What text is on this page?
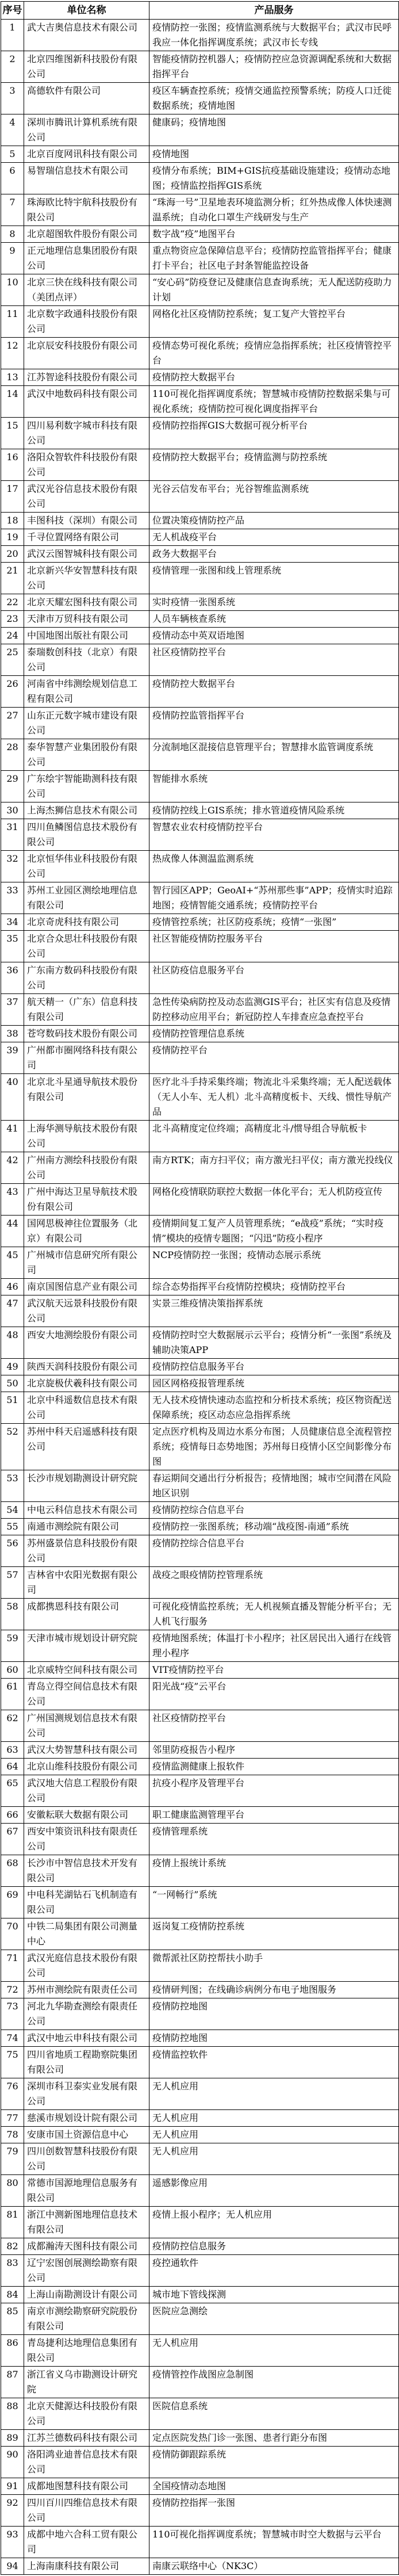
序号	单位名称	产品服务
1	武大吉奥信息技术有限公司	疫情防控一张图；疫情监测系统与大数据平台；武汉市民呼我应一体化指挥调度系统；武汉市长专线
2	北京四维图新科技股份有限公司	智能疫情防控机器人；疫情防控应急资源调配系统和大数据指挥平台
3	高德软件有限公司	疫区车辆查控系统；疫情交通监控预警系统；防疫人口迁徙数据系统；疫情地图
4	深圳市腾讯计算机系统有限公司	健康码；疫情地图
5	北京百度网讯科技有限公司	疫情地图
6	易智瑞信息技术有限公司	疫情分布系统；BIM+GIS抗疫基础设施建设；疫情动态地图；疫情监控指挥GIS系统
7	珠海欧比特宇航科技股份有限公司	“珠海一号”卫星地表环境监测分析；红外热成像人体快速测温系统；自动化口罩生产线研发与生产
8	北京超图软件股份有限公司	数字战“疫”地图平台
9	正元地理信息集团股份有限公司	重点物资应急保障信息平台；疫情防控监管指挥平台；健康打卡平台；社区电子封条智能监控设备
10	北京三快在线科技有限公司（美团点评）	“安心码”防疫登记及健康信息查询系统；无人配送防疫助力计划
11	北京数字政通科技股份有限公司	网格化社区疫情防控系统；复工复产大管控平台
12	北京辰安科技股份有限公司	疫情态势可视化系统；疫情应急指挥系统；社区疫情管控平台
13	江苏智途科技股份有限公司	疫情防控大数据平台
14	武汉中地数码科技有限公司	110可视化指挥调度系统；智慧城市疫情防控数据采集与可视化系统；疫情防控可视化调度指挥平台
15	四川易利数字城市科技有限公司	疫情防控指挥GIS大数据可视分析平台
16	洛阳众智软件科技股份有限公司	疫情防控大数据平台；疫情监测与防控系统
17	武汉光谷信息技术股份有限公司	光谷云信发布平台；光谷智维监测系统
18	丰图科技（深圳）有限公司	位置决策疫情防控产品
19	千寻位置网络有限公司	无人机战疫平台
20	武汉云图智城科技有限公司	政务大数据平台
21	北京新兴华安智慧科技有限公司	疫情管理一张图和线上管理系统
22	北京天耀宏图科技有限公司	实时疫情一张图系统
23	天津市万贸科技有限公司	人员车辆核查系统
24	中国地图出版社有限公司	疫情动态中英双语地图
25	泰瑞数创科技（北京）有限公司	社区疫情防控平台
26	河南省中纬测绘规划信息工程有限公司	疫情防控大数据平台
27	山东正元数字城市建设有限公司	疫情防控监管指挥平台
28	泰华智慧产业集团股份有限公司	分流制地区混接信息管理平台；智慧排水监管调度系统
29	广东绘宇智能勘测科技有限公司	智能排水系统
30	上海杰狮信息技术有限公司	疫情防控线上GIS系统；排水管道疫情风险系统
31	四川鱼鳞图信息技术股份有限公司	智慧农业农村疫情防控平台
32	北京恒华伟业科技股份有限公司	热成像人体测温监测系统
33	苏州工业园区测绘地理信息有限公司	智行园区APP；GeoAI+“苏州那些事”APP；疫情实时追踪地图；疫情智能交通系统；疫情防控平台
34	北京奇虎科技有限公司	疫情管控系统；社区防疫系统；疫情“一张图”
35	北京合众思壮科技股份有限公司	社区智能疫情防控服务平台
36	广东南方数码科技股份有限公司	社区防疫信息服务平台
37	航天精一（广东）信息科技有限公司	急性传染病防控及动态监测GIS平台；社区实有信息及疫情防控移动应用平台；新冠防控人车排查应急查控平台
38	苍穹数码技术股份有限公司	疫情防控管理信息系统
39	广州都市圈网络科技有限公司	疫情防控平台
40	北京北斗星通导航技术股份有限公司	医疗北斗手持采集终端；物流北斗采集终端；无人配送载体（无人小车、无人机）北斗高精度板卡、天线、惯性导航产品
41	上海华测导航技术股份有限公司	北斗高精度定位终端；高精度北斗/惯导组合导航板卡
42	广州南方测绘科技股份有限公司	南方RTK；南方扫平仪；南方激光扫平仪；南方激光投线仪
43	广州中海达卫星导航技术股份有限公司	网格化疫情联防联控大数据一体化平台；无人机防疫宣传
44	国网思极神往位置服务（北京）有限公司	疫情期间复工复产人员管理系统；“e战疫”系统；“实时疫情”模块的疫情专题图；“闪迅”防疫小程序
45	广州城市信息研究所有限公司	NCP疫情防控一张图；疫情动态展示系统
46	南京国图信息产业有限公司	综合态势指挥平台疫情防控模块；疫情防控平台
47	武汉航天远景科技股份有限公司	实景三维疫情决策指挥系统
48	西安大地测绘股份有限公司	疫情防控时空大数据展示云平台；疫情分析“一张图”系统及辅助决策APP
49	陕西天润科技股份有限公司	疫情防控信息服务平台
50	北京旋极伏羲科技有限公司	园区网格疫报管理系统
51	北京中科遥数信息技术有限公司	无人技术疫情快速动态监控和分析技术系统；疫区物资配送保障系统；疫区动态应急指挥系统
52	苏州中科天启遥感科技有限公司	定点医疗机构及周边水系分布图；人员健康信息全流程管控系统；疫情每日态势地图；苏州每日疫情小区空间影像分布图
53	长沙市规划勘测设计研究院	春运期间交通出行分析报告；疫情地图；城市空间潜在风险地区识别
54	中电云科信息技术有限公司	疫情防控综合信息平台
55	南通市测绘院有限公司	疫情防控一张图系统；移动端“战疫图-南通”系统
56	苏州盛景信息科技股份有限公司	疫情防控综合信息平台
57	吉林省中农阳光数据有限公司	战疫之眼疫情防控管理系统
58	成都携恩科技有限公司	可视化疫情监控系统；无人机视频直播及智能分析平台；无人机飞行服务
59	天津市城市规划设计研究院	疫情地图系统；体温打卡小程序；社区居民出入通行在线管理小程序
60	北京威特空间科技有限公司	VIT疫情防控平台
61	青岛立得空间信息技术有限公司	阳光战“疫”云平台
62	广州国测规划信息技术有限公司	社区疫情防控平台
63	武汉大势智慧科技有限公司	邻里防疫报告小程序
64	北京山维科技股份有限公司	疫情监测健康上报软件
65	武汉地大信息工程股份有限公司	抗疫小程序及管理平台
66	安徽耘联大数据有限公司	职工健康监测管理平台
67	西安中策资讯科技有限责任公司	疫情管理系统
68	长沙市中智信息技术开发有限公司	疫情上报统计系统
69	中电科芜湖钻石飞机制造有限公司	“一网畅行”系统
70	中铁二局集团有限公司测量中心	返岗复工疫情防控系统
71	武汉光庭信息技术股份有限公司	微帮派社区防控帮扶小助手
72	苏州市测绘院有限责任公司	疫情研判图；在线确诊病例分布电子地图服务
73	河北九华勘查测绘有限责任公司	疫情防控地图
74	武汉中地云申科技有限公司	疫情防控地图
75	四川省地质工程勘察院集团有限公司	疫情监控软件
76	深圳市科卫泰实业发展有限公司	无人机应用
77	慈溪市规划设计院有限公司	无人机应用
78	安康市国土资源信息中心	无人机应用
79	四川创数智慧科技股份有限公司	无人机应用
80	常德市国源地理信息服务有限公司	遥感影像应用
81	浙江中测新图地理信息技术有限公司	疫情上报小程序；无人机应用
82	成都瀚涛天图科技有限公司	疫情防控信息服务
83	辽宁宏图创展测绘勘察有限公司	疫控通软件
84	上海山南勘测设计有限公司	城市地下管线探测
85	南京市测绘勘察研究院股份有限公司	医院应急测绘
86	青岛捷利达地理信息集团有限公司	无人机应用
87	浙江省义乌市勘测设计研究院	疫情管控作战图应急制图
88	北京天健源达科技股份有限公司	医院信息系统
89	江苏兰德数码科技有限公司	定点医院发热门诊一张图、患者行距分布图
90	洛阳鸿业迪普信息技术有限公司	疫情防御跟踪系统
91	成都地图慧科技有限公司	全国疫情动态地图
92	四川百川四维信息技术有限公司	疫情防控指挥一张图
93	成都中地六合科工贸有限公司	110可视化指挥调度系统；智慧城市时空大数据与云平台
94	上海南康科技有限公司	南康云联络中心（NK3C）
